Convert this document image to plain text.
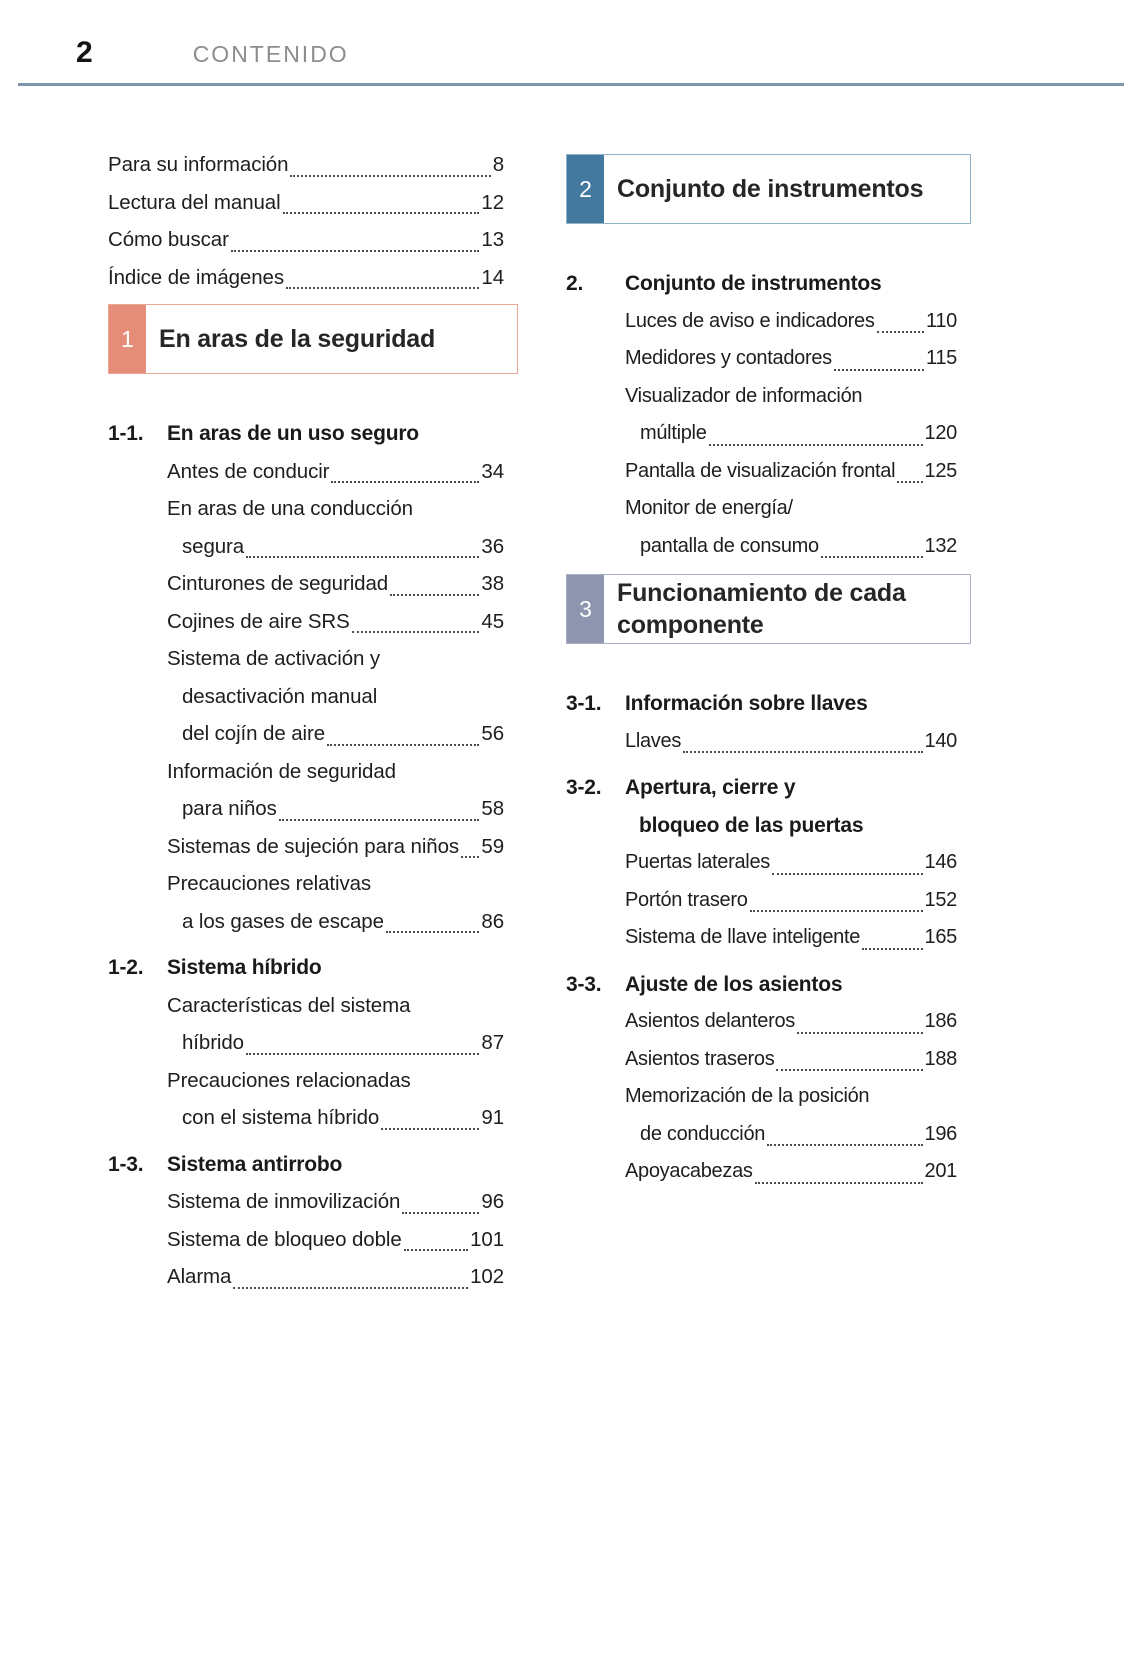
2	CONTENIDO
Para su información	8
Lectura del manual	12
Cómo buscar	13
Índice de imágenes	14
1 En aras de la seguridad
1-1.	En aras de un uso seguro
Antes de conducir	34
En aras de una conducción
segura	36
Cinturones de seguridad	38
Cojines de aire SRS	45
Sistema de activación y
desactivación manual
del cojín de aire	56
Información de seguridad
para niños	58
Sistemas de sujeción para niños 59
Precauciones relativas
a los gases de escape	86
1-2.	Sistema híbrido
Características del sistema
híbrido	87
Precauciones relacionadas
con el sistema híbrido	91
1-3.	Sistema antirrobo
Sistema de inmovilización	96
Sistema de bloqueo doble	101
Alarma	102
2 Conjunto de instrumentos
2.	Conjunto de instrumentos
Luces de aviso e indicadores	110
Medidores y contadores	115
Visualizador de información
múltiple	120
Pantalla de visualización frontal 125
Monitor de energía/
pantalla de consumo	132
3
Funcionamiento de cada
componente
3-1.	Información sobre llaves
Llaves	140
3-2.	Apertura, cierre y
bloqueo de las puertas
Puertas laterales	146
Portón trasero	152
Sistema de llave inteligente	165
3-3.	Ajuste de los asientos
Asientos delanteros	186
Asientos traseros	188
Memorización de la posición
de conducción	196
Apoyacabezas	201
